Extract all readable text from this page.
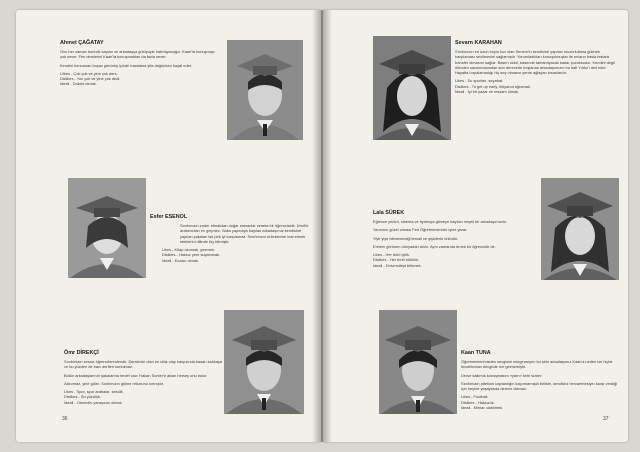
Ahmet ÇAĞATAY

Onu her zaman bonrcik saçları ve arkadaşça gülüşüyle hatırlayacağız. Kaan'la konuşmayı çok sever. Fen derslerini Kaan'la konuşmaktan da fazla sever.

Kendini herzaman boşaz görünüş içinde hastalara şifa dağıtırken hayal eder.

Lilkes - Çok çok ve yine çok ders.
Dislikes - Yok yok ve yine yok dedi.
İdeali - Doktor olmak.
Esfer ESENOL

Sınıfımızın ender elmalıdan doğar zamanlar zeneta bir öğrencisidir. Ümit'le aralarından en geçmez. Saka yapmaya bayılan arkadaşımız kendisine yapılan şakaları ise pek iyi karşılamaz. Sınıfımızın erkeklerine inat etmek eteklerini dilinde tüy bitmiştir.

Likes - Kitap okumak, gezmek.
Dislikes - Haksız yere suçlanmak.
İdeali - Eczacı olmak.
Ömr DİREKÇİ

Sınıfımızın sessiz öğrencilerindendir. Derslerde olan en ufak olay karşısında basan kahkaya ve bu yüzden de bazı dertleri kurtulmaz.

Bütün arkadaşlarının şakalarına hedef olur. Hakan Sonter'e aklan hersey onu bulur.

Akkırmaz, yine güler. Sınıfımızın gülme rekorunu kırmıştır.

Likes - Spor, spor arabalar, sesülk.
Dislikes - Su yüzülük.
İdeali - Otomotiv yaraşıcısı olmak.
36
Sevarn KARAHAN

Sınıfımızın en uzun boylu kızı olan Senem'in kendisine yapılan muzurluklara gülerek karşılaması sevilmesini sağlamıştır. Yorumladıkları konuşulmuşlar ile onların basla teslara transfer olmasını sağlar. Basen ciddi, basende tamamiyacak kadar çocuksudur. Kendini degil ölünden savunmasından son derecede hoşlanan arkadaşımızın bu hafi Yıldız'ı deli eder. Hayatta hırpalamadığı hiç sey olmasın yerde ağlayan insanlardır.

Likes - Su sporları, seyahat.
Dislikes - To get up early, ihtiyarca uğramak.
İdeali - İyi bir yazar ve ressam olmak.
Lala SÜREK

Eğlence yerleri, sinema ve tiyatroya gitmeye bayılan neşeli bir arkadaşımızdır.

Yarısının güzel olması Fen Öğretmenimizin işine yarar.

Yiye yiye bitmemediği temali ve şişkilerle ünlüdür.

Erelein görünen dünyadan anılır. Aynı zamanda örnek bir öğrencidir de.

Likes - Her türlü iyilik.
Dislikes - Her türlü kötülük.
İdeali - Üniversiteyi bitirmek.
Kaan TUNA

Öğretmenlerimizden sevgisini esirgemeyen bu şirin arkadaşımız Kaan'a neden ise hiçbir öncelikndan dövgüde mir gelmemiştir.

Derse kalkmıs konuşmasını «yarn» birle sizder.

Sınıfımızın altetiom kaptanlığın kaçırmamışla birlikte, kendisini hercamnesiyeı karar verdiği için heyine yaşayanda derece olamaz.

Likes - Football.
Dislikes - Haksızlık.
İdeali - Mimar olabilmek.
37
